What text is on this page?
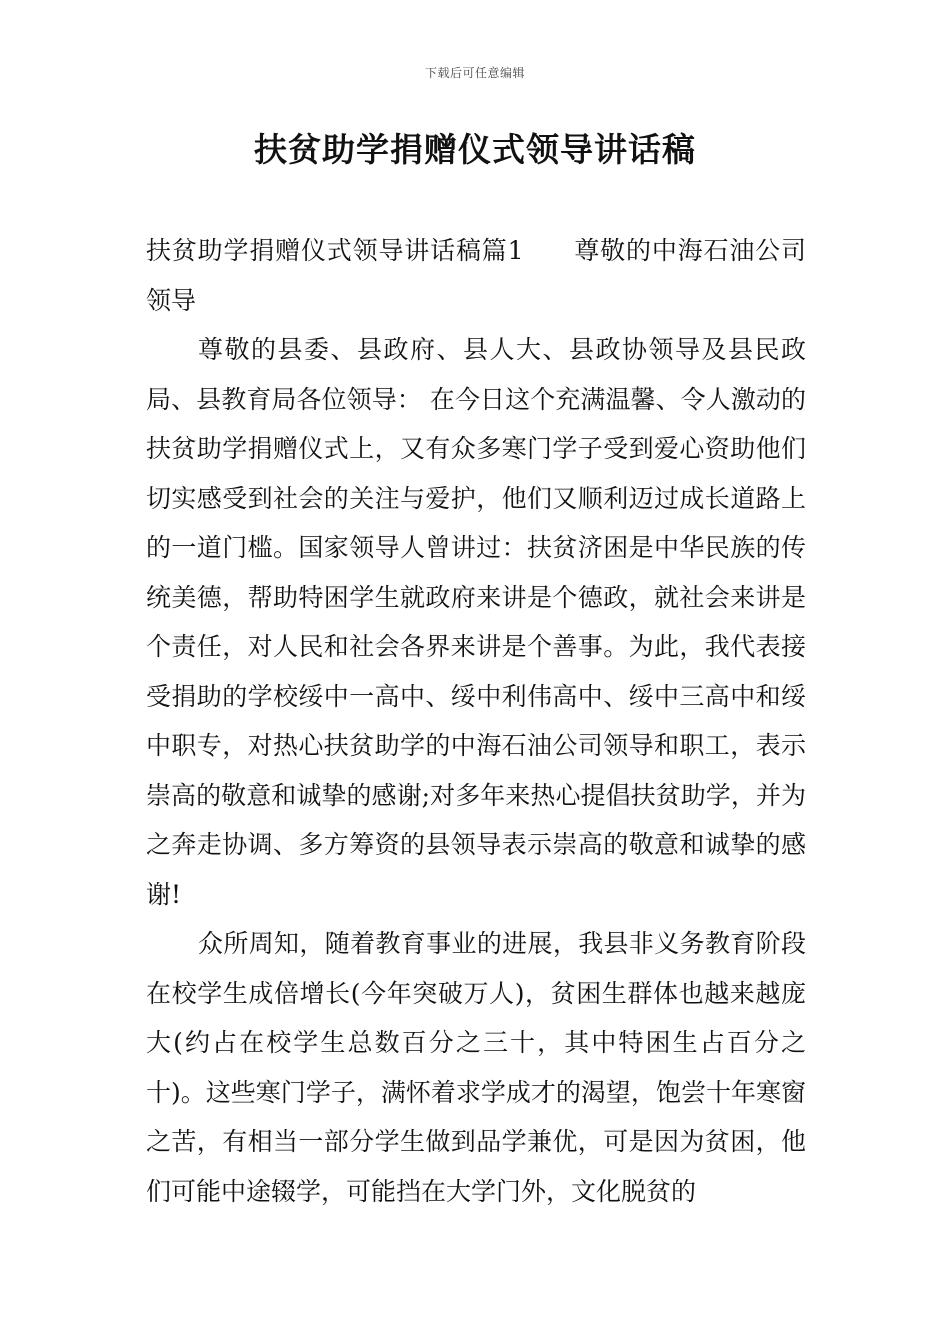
下载后可任意编辑
扶贫助学捐赠仪式领导讲话稿

扶贫助学捐赠仪式领导讲话稿篇1 尊敬的中海石油公司领导

尊敬的县委、县政府、县人大、县政协领导及县民政局、县教育局各位领导： 在今日这个充满温馨、令人激动的扶贫助学捐赠仪式上，又有众多寒门学子受到爱心资助他们切实感受到社会的关注与爱护，他们又顺利迈过成长道路上的一道门槛。国家领导人曾讲过：扶贫济困是中华民族的传统美德，帮助特困学生就政府来讲是个德政，就社会来讲是个责任，对人民和社会各界来讲是个善事。为此，我代表接受捐助的学校绥中一高中、绥中利伟高中、绥中三高中和绥中职专，对热心扶贫助学的中海石油公司领导和职工，表示崇高的敬意和诚挚的感谢;对多年来热心提倡扶贫助学，并为之奔走协调、多方筹资的县领导表示崇高的敬意和诚挚的感谢!

众所周知，随着教育事业的进展，我县非义务教育阶段在校学生成倍增长(今年突破万人)，贫困生群体也越来越庞大(约占在校学生总数百分之三十，其中特困生占百分之十)。这些寒门学子，满怀着求学成才的渴望，饱尝十年寒窗之苦，有相当一部分学生做到品学兼优，可是因为贫困，他们可能中途辍学，可能挡在大学门外，文化脱贫的
